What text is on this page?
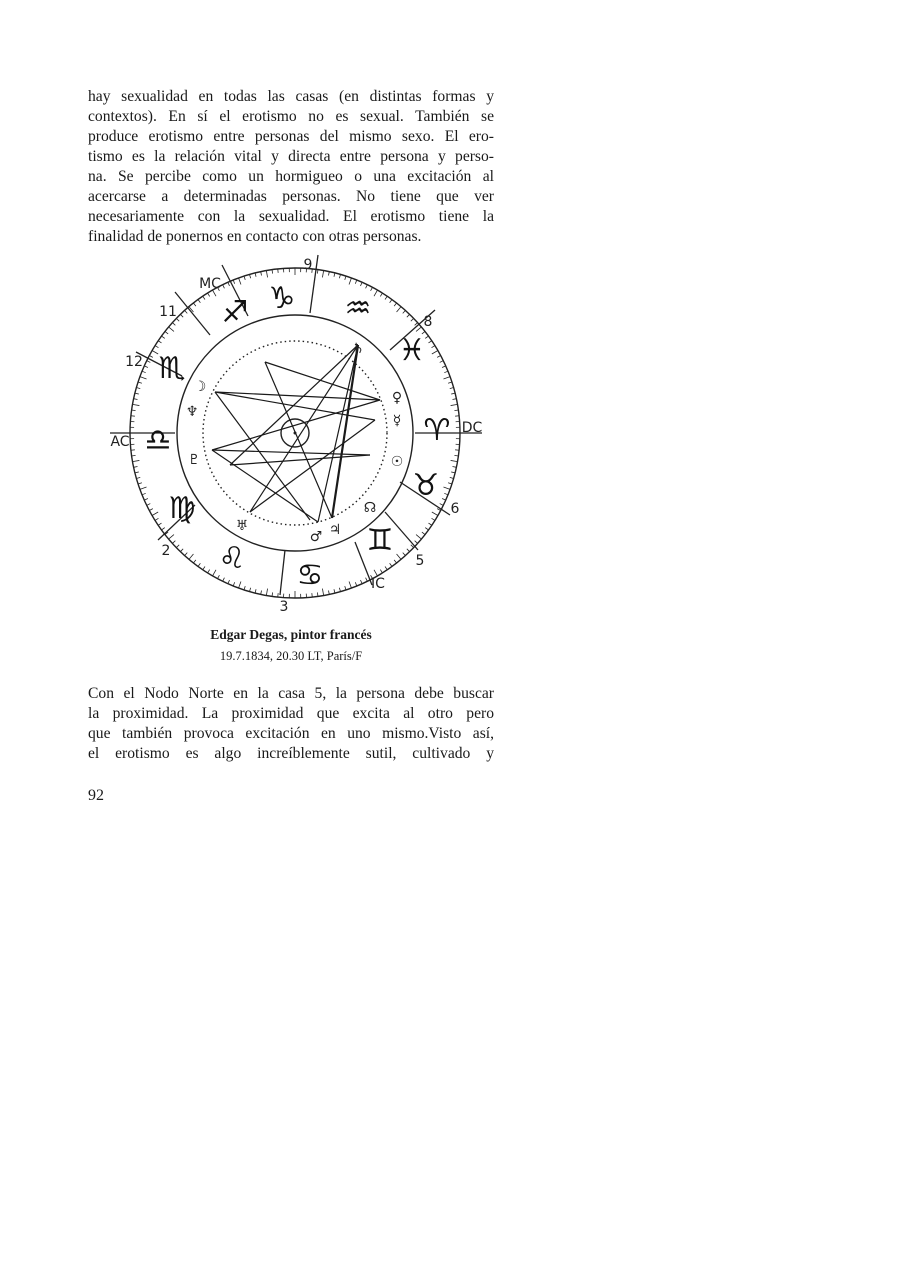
hay sexualidad en todas las casas (en distintas formas y
contextos). En sí el erotismo no es sexual. También se
produce erotismo entre personas del mismo sexo. El ero-
tismo es la relación vital y directa entre persona y perso-
na. Se percibe como un hormigueo o una excitación al
acercarse a determinadas personas. No tiene que ver
necesariamente con la sexualidad. El erotismo tiene la
finalidad de ponernos en contacto con otras personas.
MC
AC
DC
IC
2
3
5
6
8
9
11
12
♐ ♑ ♒
♓
♈
♉
♊
♋
♌
♍
♎
♏
♄
♀
☿
☉
☊
♃
♂
♅
☽
♆
♇
Edgar Degas, pintor francés
19.7.1834, 20.30 LT, París/F
Con el Nodo Norte en la casa 5, la persona debe buscar
la proximidad. La proximidad que excita al otro pero
que también provoca excitación en uno mismo.Visto así,
el erotismo es algo increíblemente sutil, cultivado y
92
